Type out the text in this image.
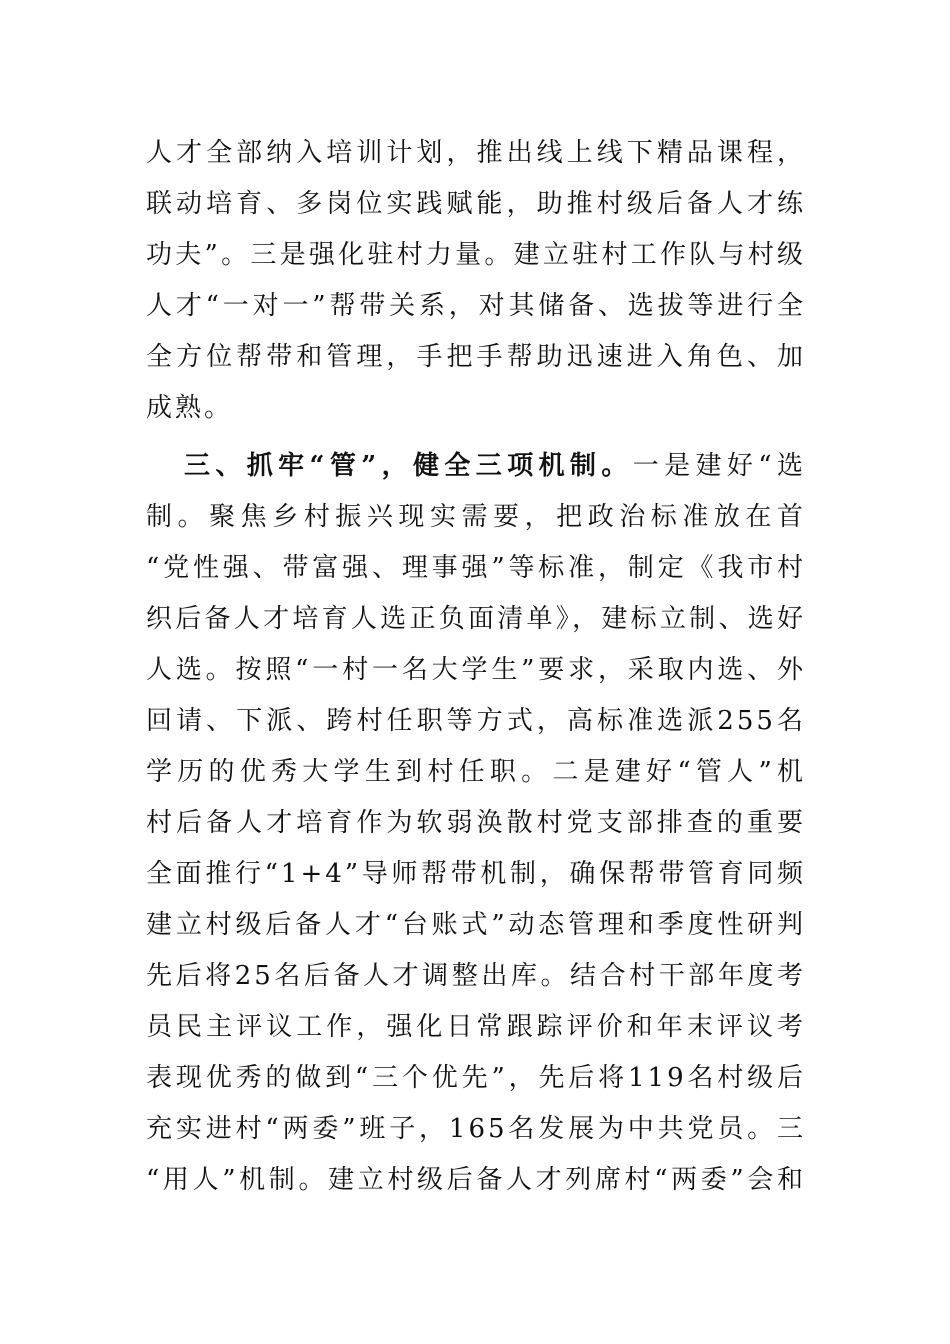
人才全部纳入培训计划，推出线上线下精品课程，
联动培育、多岗位实践赋能，助推村级后备人才练
功夫”。三是强化驻村力量。建立驻村工作队与村级
人才“一对一”帮带关系，对其储备、选拔等进行全
全方位帮带和管理，手把手帮助迅速进入角色、加
成熟。
三、抓牢“管”，健全三项机制。一是建好“选
制。聚焦乡村振兴现实需要，把政治标准放在首
“党性强、带富强、理事强”等标准，制定《我市村
织后备人才培育人选正负面清单》，建标立制、选好
人选。按照“一村一名大学生”要求，采取内选、外
回请、下派、跨村任职等方式，高标准选派255名
学历的优秀大学生到村任职。二是建好“管人”机
村后备人才培育作为软弱涣散村党支部排查的重要
全面推行“1+4”导师帮带机制，确保帮带管育同频
建立村级后备人才“台账式”动态管理和季度性研判
先后将25名后备人才调整出库。结合村干部年度考
员民主评议工作，强化日常跟踪评价和年末评议考
表现优秀的做到“三个优先”，先后将119名村级后
充实进村“两委”班子，165名发展为中共党员。三
“用人”机制。建立村级后备人才列席村“两委”会和
